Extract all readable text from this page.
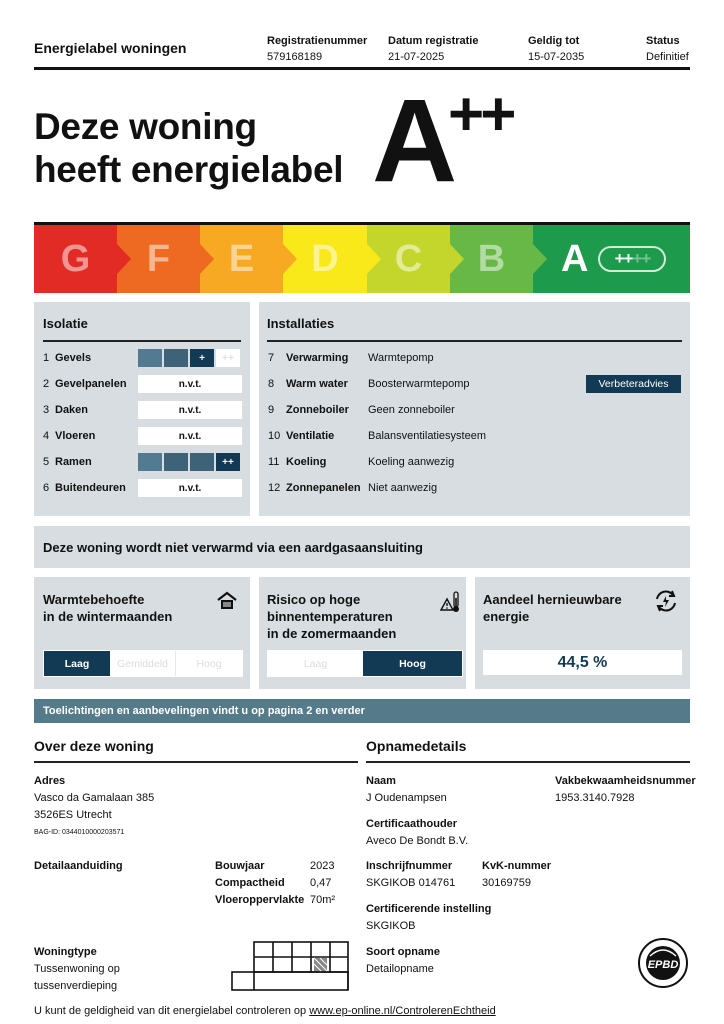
Energielabel woningen	Registratienummer
579168189
Datum registratie
21-07-2025
Geldig tot
15-07-2035
Status
Definitief
Deze woning
heeft energielabel A
++
G F E D C B A ++ ++
Isolatie
1 Gevels	+	++
2 Gevelpanelen	n.v.t.
3 Daken	n.v.t.
4 Vloeren	n.v.t.
5 Ramen	++
6 Buitendeuren	n.v.t.
Installaties
7	Verwarming	Warmtepomp
8	Warm water	Boosterwarmtepomp
9	Zonneboiler	Geen zonneboiler
10 Ventilatie	Balansventilatiesysteem
11 Koeling	Koeling aanwezig
12 Zonnepanelen Niet aanwezig
Verbeteradvies
Deze woning wordt niet verwarmd via een aardgasaansluiting
Warmtebehoefte
in de wintermaanden
Laag	Gemiddeld	Hoog
Risico op hoge
binnentemperaturen
in de zomermaanden
Laag	Hoog
Aandeel hernieuwbare
energie
44,5 %
Toelichtingen en aanbevelingen vindt u op pagina 2 en verder
Over deze woning
Adres
Vasco da Gamalaan 385
3526ES Utrecht
BAG-ID: 0344010000203571
Detailaanduiding	Bouwjaar	2023
Compactheid 0,47
Vloeroppervlakte 70m²
Woningtype
Tussenwoning op
tussenverdieping
Opnamedetails
Naam
J Oudenampsen
Vakbekwaamheidsnummer
1953.3140.7928
Certificaathouder
Aveco De Bondt B.V.
Inschrijfnummer
SKGIKOB 014761
KvK-nummer
30169759
Certificerende instelling
SKGIKOB
Soort opname
Detailopname	EPBD
U kunt de geldigheid van dit energielabel controleren op www.ep-online.nl/ControlerenEchtheid
